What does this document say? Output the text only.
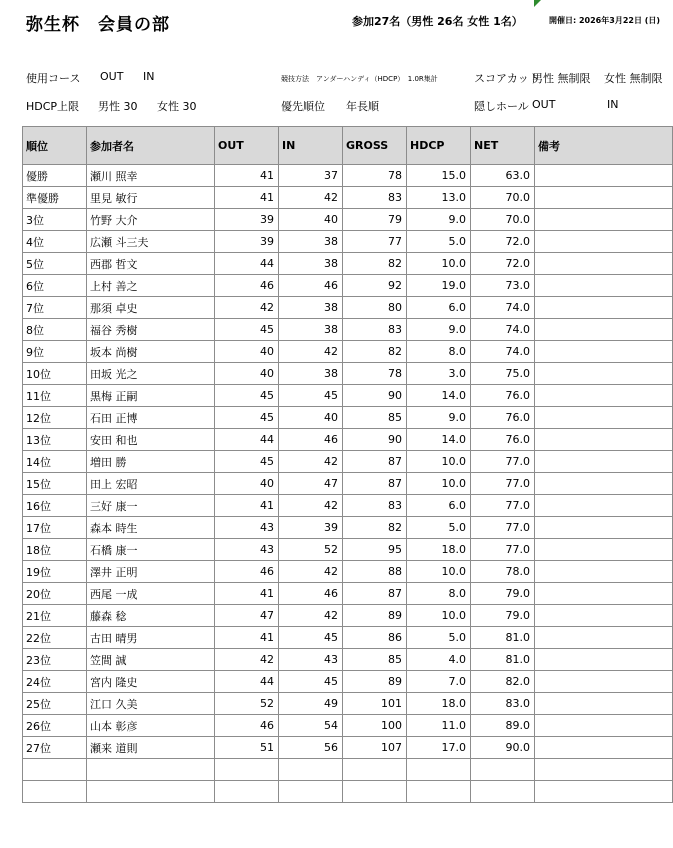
弥生杯　会員の部	参加27名（男性 26名 女性 1名）	開催日: 2026年3月22日 (日)
使用コース OUT IN	競技方法　アンダーハンディ（HDCP）　1.0R集計	スコアカット
男性 無制限 女性 無制限
HDCP上限 男性 30 女性 30	優先順位 年長順	隠しホール OUT	IN
順位	参加者名	OUT	IN	GROSS	HDCP	NET	備考
優勝	瀬川 照幸	41	37	78	15.0	63.0	
準優勝	里見 敏行	41	42	83	13.0	70.0	
3位	竹野 大介	39	40	79	9.0	70.0	
4位	広瀬 斗三夫	39	38	77	5.0	72.0	
5位	西郡 哲文	44	38	82	10.0	72.0	
6位	上村 善之	46	46	92	19.0	73.0	
7位	那須 卓史	42	38	80	6.0	74.0	
8位	福谷 秀樹	45	38	83	9.0	74.0	
9位	坂本 尚樹	40	42	82	8.0	74.0	
10位	田坂 光之	40	38	78	3.0	75.0	
11位	黒梅 正嗣	45	45	90	14.0	76.0	
12位	石田 正博	45	40	85	9.0	76.0	
13位	安田 和也	44	46	90	14.0	76.0	
14位	増田 勝	45	42	87	10.0	77.0	
15位	田上 宏昭	40	47	87	10.0	77.0	
16位	三好 康一	41	42	83	6.0	77.0	
17位	森本 時生	43	39	82	5.0	77.0	
18位	石橋 康一	43	52	95	18.0	77.0	
19位	澤井 正明	46	42	88	10.0	78.0	
20位	西尾 一成	41	46	87	8.0	79.0	
21位	藤森 稔	47	42	89	10.0	79.0	
22位	古田 晴男	41	45	86	5.0	81.0	
23位	笠間 誠	42	43	85	4.0	81.0	
24位	宮内 隆史	44	45	89	7.0	82.0	
25位	江口 久美	52	49	101	18.0	83.0	
26位	山本 彰彦	46	54	100	11.0	89.0	
27位	瀬来 道則	51	56	107	17.0	90.0	
